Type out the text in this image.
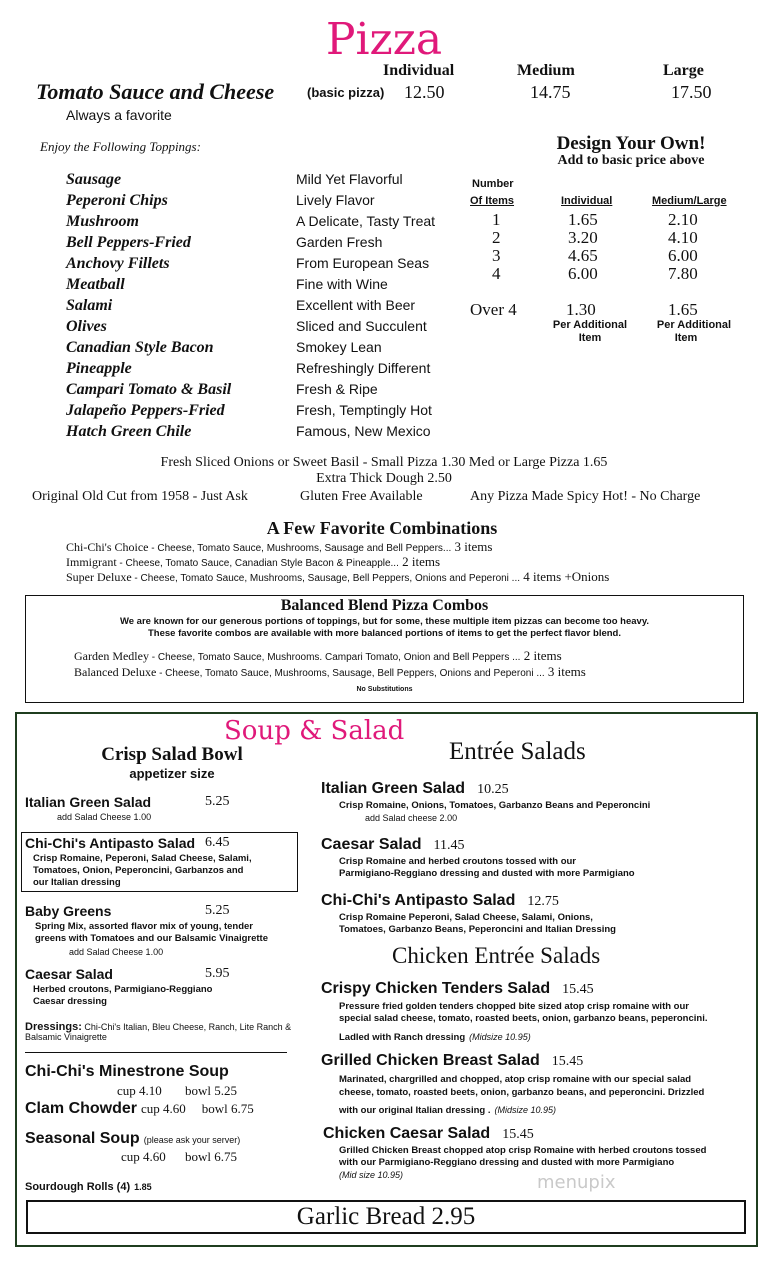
Pizza
Individual	Medium	Large
Tomato Sauce and Cheese	(basic pizza) 12.50	14.75	17.50
Always a favorite
Enjoy the Following Toppings:
Sausage	Mild Yet Flavorful
Peperoni Chips	Lively Flavor
Mushroom	A Delicate, Tasty Treat
Bell Peppers-Fried	Garden Fresh
Anchovy Fillets	From European Seas
Meatball	Fine with Wine
Salami	Excellent with Beer
Olives	Sliced and Succulent
Canadian Style Bacon	Smokey Lean
Pineapple	Refreshingly Different
Campari Tomato & Basil	Fresh & Ripe
Jalapeño Peppers-Fried	Fresh, Temptingly Hot
Hatch Green Chile	Famous, New Mexico
Design Your Own!
Add to basic price above
Number
Of Items	Individual	Medium/Large
1	1.65	2.10
2	3.20	4.10
3	4.65	6.00
4	6.00	7.80
Over 4	1.30	1.65
Per Additional
Item
Per Additional
Item
Fresh Sliced Onions or Sweet Basil - Small Pizza 1.30 Med or Large Pizza 1.65
Extra Thick Dough 2.50
Original Old Cut from 1958 - Just Ask	Gluten Free Available	Any Pizza Made Spicy Hot! - No Charge
A Few Favorite Combinations
Chi-Chi's Choice - Cheese, Tomato Sauce, Mushrooms, Sausage and Bell Peppers... 3 items
Immigrant - Cheese, Tomato Sauce, Canadian Style Bacon & Pineapple... 2 items
Super Deluxe - Cheese, Tomato Sauce, Mushrooms, Sausage, Bell Peppers, Onions and Peperoni ... 4 items +Onions
Balanced Blend Pizza Combos
We are known for our generous portions of toppings, but for some, these multiple item pizzas can become too heavy.
These favorite combos are available with more balanced portions of items to get the perfect flavor blend.
Garden Medley - Cheese, Tomato Sauce, Mushrooms. Campari Tomato, Onion and Bell Peppers ... 2 items
Balanced Deluxe - Cheese, Tomato Sauce, Mushrooms, Sausage, Bell Peppers, Onions and Peperoni ... 3 items
No Substitutions
Soup & Salad
Crisp Salad Bowl
appetizer size
Italian Green Salad	5.25
add Salad Cheese 1.00
Chi-Chi's Antipasto Salad 6.45
Crisp Romaine, Peperoni, Salad Cheese, Salami,
Tomatoes, Onion, Peperoncini, Garbanzos and
our Italian dressing
Baby Greens	5.25
Spring Mix, assorted flavor mix of young, tender
greens with Tomatoes and our Balsamic Vinaigrette
add Salad Cheese 1.00
Caesar Salad	5.95
Herbed croutons, Parmigiano-Reggiano
Caesar dressing
Dressings: Chi-Chi's Italian, Bleu Cheese, Ranch, Lite Ranch &
Balsamic Vinaigrette
Chi-Chi's Minestrone Soup
cup 4.10 bowl 5.25
Clam Chowder cup 4.60 bowl 6.75
Seasonal Soup (please ask your server)
cup 4.60 bowl 6.75
Sourdough Rolls (4) 1.85
Entrée Salads
Italian Green Salad 10.25
Crisp Romaine, Onions, Tomatoes, Garbanzo Beans and Peperoncini
add Salad cheese 2.00
Caesar Salad 11.45
Crisp Romaine and herbed croutons tossed with our
Parmigiano-Reggiano dressing and dusted with more Parmigiano
Chi-Chi's Antipasto Salad 12.75
Crisp Romaine Peperoni, Salad Cheese, Salami, Onions,
Tomatoes, Garbanzo Beans, Peperoncini and Italian Dressing
Chicken Entrée Salads
Crispy Chicken Tenders Salad 15.45
Pressure fried golden tenders chopped bite sized atop crisp romaine with our
special salad cheese, tomato, roasted beets, onion, garbanzo beans, peperoncini.
Ladled with Ranch dressing (Midsize 10.95)
Grilled Chicken Breast Salad 15.45
Marinated, chargrilled and chopped, atop crisp romaine with our special salad
cheese, tomato, roasted beets, onion, garbanzo beans, and peperoncini. Drizzled
with our original Italian dressing . (Midsize 10.95)
Chicken Caesar Salad 15.45
Grilled Chicken Breast chopped atop crisp Romaine with herbed croutons tossed
with our Parmigiano-Reggiano dressing and dusted with more Parmigiano
(Mid size 10.95)	menupix
Garlic Bread 2.95
